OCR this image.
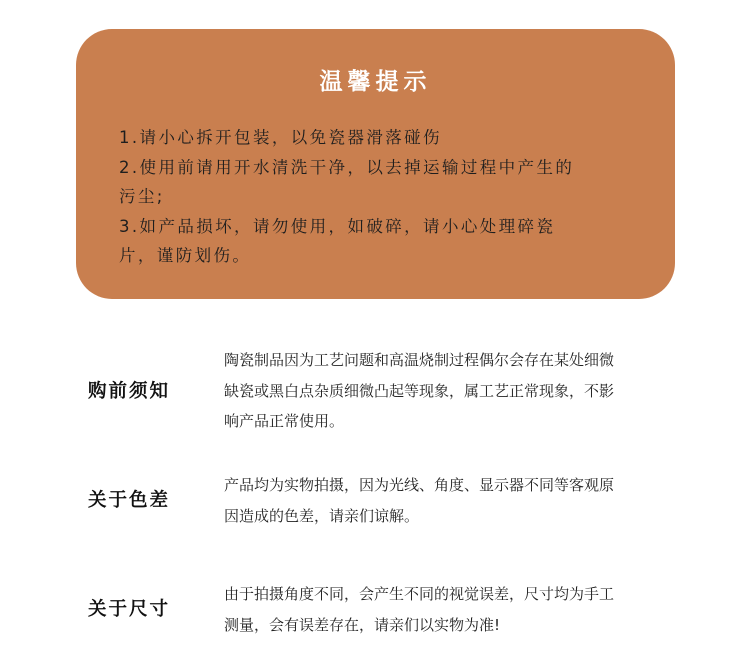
温馨提示
1.请小心拆开包装，以免瓷器滑落碰伤
2.使用前请用开水清洗干净，以去掉运输过程中产生的
污尘;
3.如产品损坏，请勿使用，如破碎，请小心处理碎瓷
片，谨防划伤。
购前须知
陶瓷制品因为工艺问题和高温烧制过程偶尔会存在某处细微
缺瓷或黑白点杂质细微凸起等现象，属工艺正常现象，不影
响产品正常使用。
关于色差
产品均为实物拍摄，因为光线、角度、显示器不同等客观原
因造成的色差，请亲们谅解。
关于尺寸
由于拍摄角度不同，会产生不同的视觉误差，尺寸均为手工
测量，会有误差存在，请亲们以实物为准!
